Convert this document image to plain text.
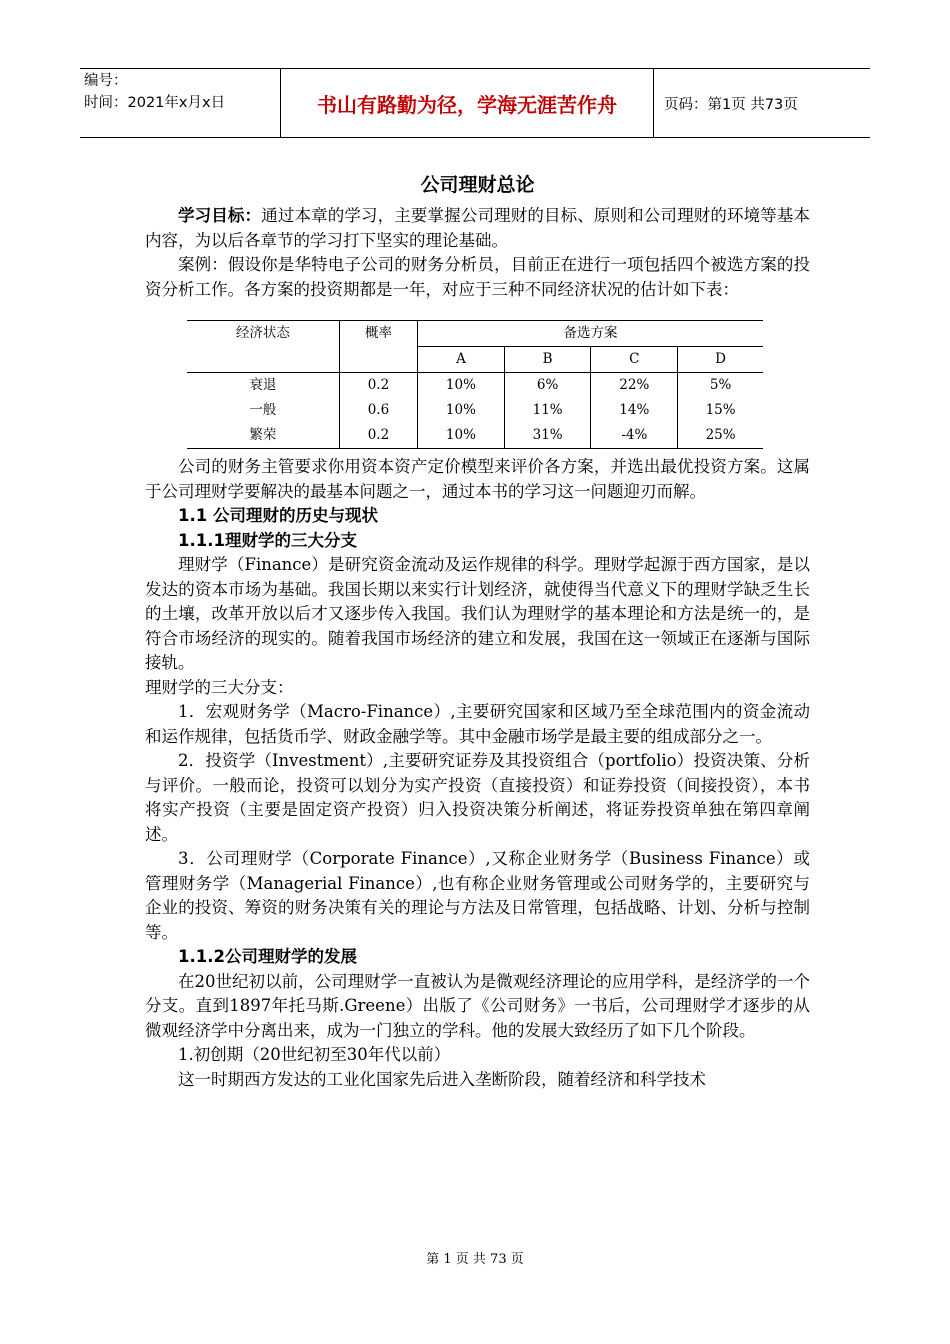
编号：
时间：2021年x月x日	书山有路勤为径，学海无涯苦作舟	页码：第1页 共73页
公司理财总论

学习目标：通过本章的学习，主要掌握公司理财的目标、原则和公司理财的环境等基本内容，为以后各章节的学习打下坚实的理论基础。

案例：假设你是华特电子公司的财务分析员，目前正在进行一项包括四个被选方案的投资分析工作。各方案的投资期都是一年，对应于三种不同经济状况的估计如下表：

经济状态	概率	备选方案			
		A	B	C	D
衰退	0.2	10%	6%	22%	5%
一般	0.6	10%	11%	14%	15%
繁荣	0.2	10%	31%	-4%	25%

公司的财务主管要求你用资本资产定价模型来评价各方案，并选出最优投资方案。这属于公司理财学要解决的最基本问题之一，通过本书的学习这一问题迎刃而解。

1.1 公司理财的历史与现状
1.1.1理财学的三大分支

理财学（Finance）是研究资金流动及运作规律的科学。理财学起源于西方国家，是以发达的资本市场为基础。我国长期以来实行计划经济，就使得当代意义下的理财学缺乏生长的土壤，改革开放以后才又逐步传入我国。我们认为理财学的基本理论和方法是统一的，是符合市场经济的现实的。随着我国市场经济的建立和发展，我国在这一领域正在逐渐与国际接轨。

理财学的三大分支：

1．宏观财务学（Macro-Finance）,主要研究国家和区域乃至全球范围内的资金流动和运作规律，包括货币学、财政金融学等。其中金融市场学是最主要的组成部分之一。

2．投资学（Investment）,主要研究证券及其投资组合（portfolio）投资决策、分析与评价。一般而论，投资可以划分为实产投资（直接投资）和证券投资（间接投资），本书将实产投资（主要是固定资产投资）归入投资决策分析阐述，将证券投资单独在第四章阐述。

3．公司理财学（Corporate Finance）,又称企业财务学（Business Finance）或管理财务学（Managerial Finance）,也有称企业财务管理或公司财务学的，主要研究与企业的投资、筹资的财务决策有关的理论与方法及日常管理，包括战略、计划、分析与控制等。

1.1.2公司理财学的发展

在20世纪初以前，公司理财学一直被认为是微观经济理论的应用学科，是经济学的一个分支。直到1897年托马斯.Greene）出版了《公司财务》一书后，公司理财学才逐步的从微观经济学中分离出来，成为一门独立的学科。他的发展大致经历了如下几个阶段。

1.初创期（20世纪初至30年代以前）

这一时期西方发达的工业化国家先后进入垄断阶段，随着经济和科学技术

第 1 页 共 73 页
